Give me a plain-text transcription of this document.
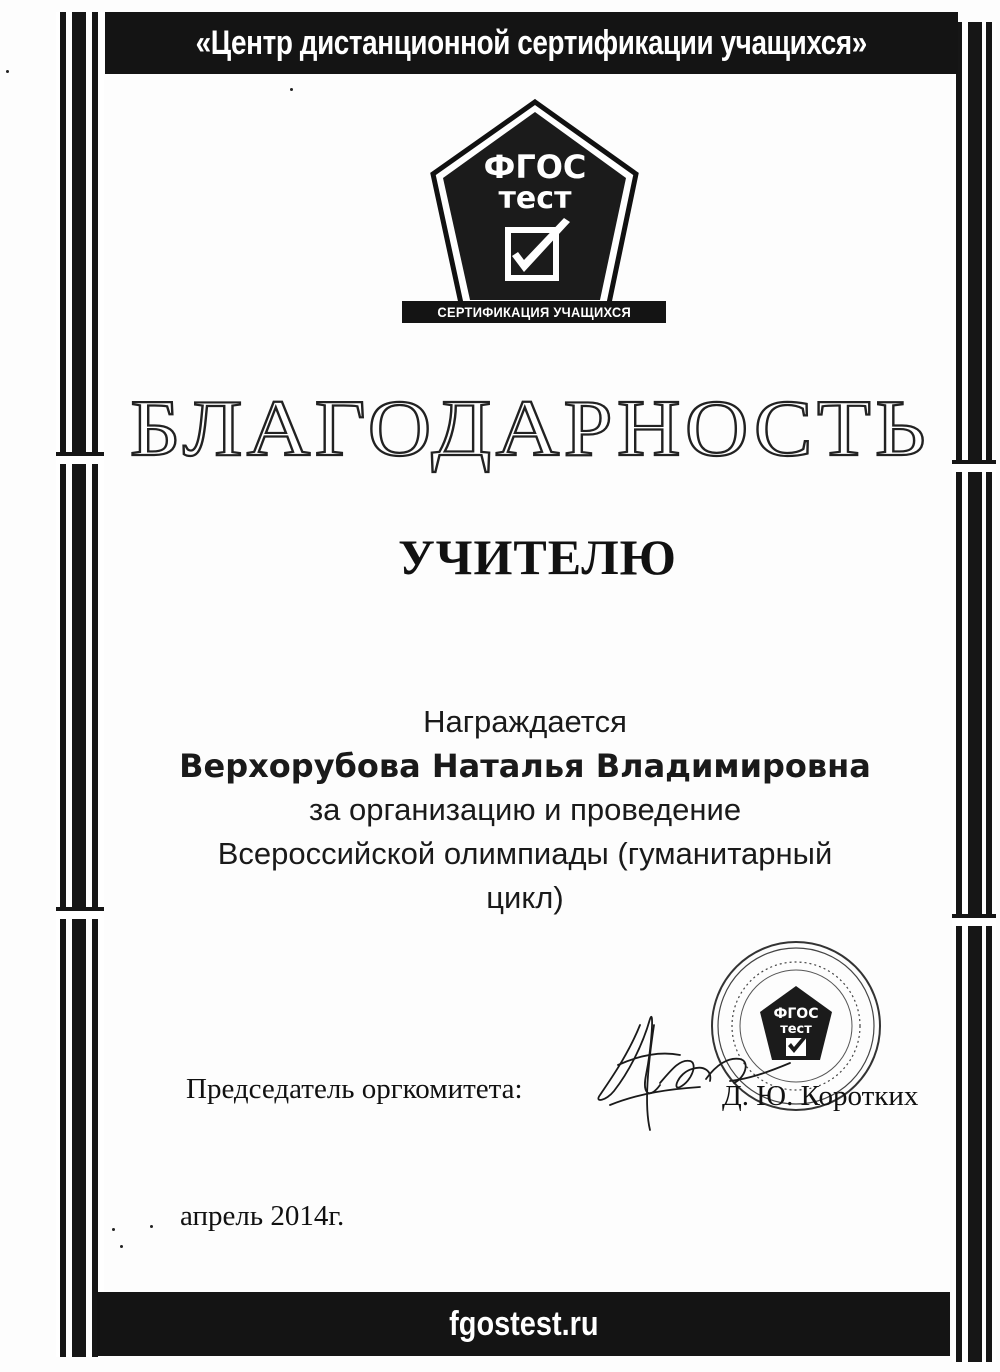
«Центр дистанционной сертификации учащихся»
ФГОС
тест
СЕРТИФИКАЦИЯ УЧАЩИХСЯ
БЛАГОДАРНОСТЬ
УЧИТЕЛЮ
Награждается
Верхорубова Наталья Владимировна
за организацию и проведение
Всероссийской олимпиады (гуманитарный
цикл)
ФГОС
тест
Председатель оргкомитета:	Д. Ю. Коротких
апрель 2014г.
fgostest.ru
